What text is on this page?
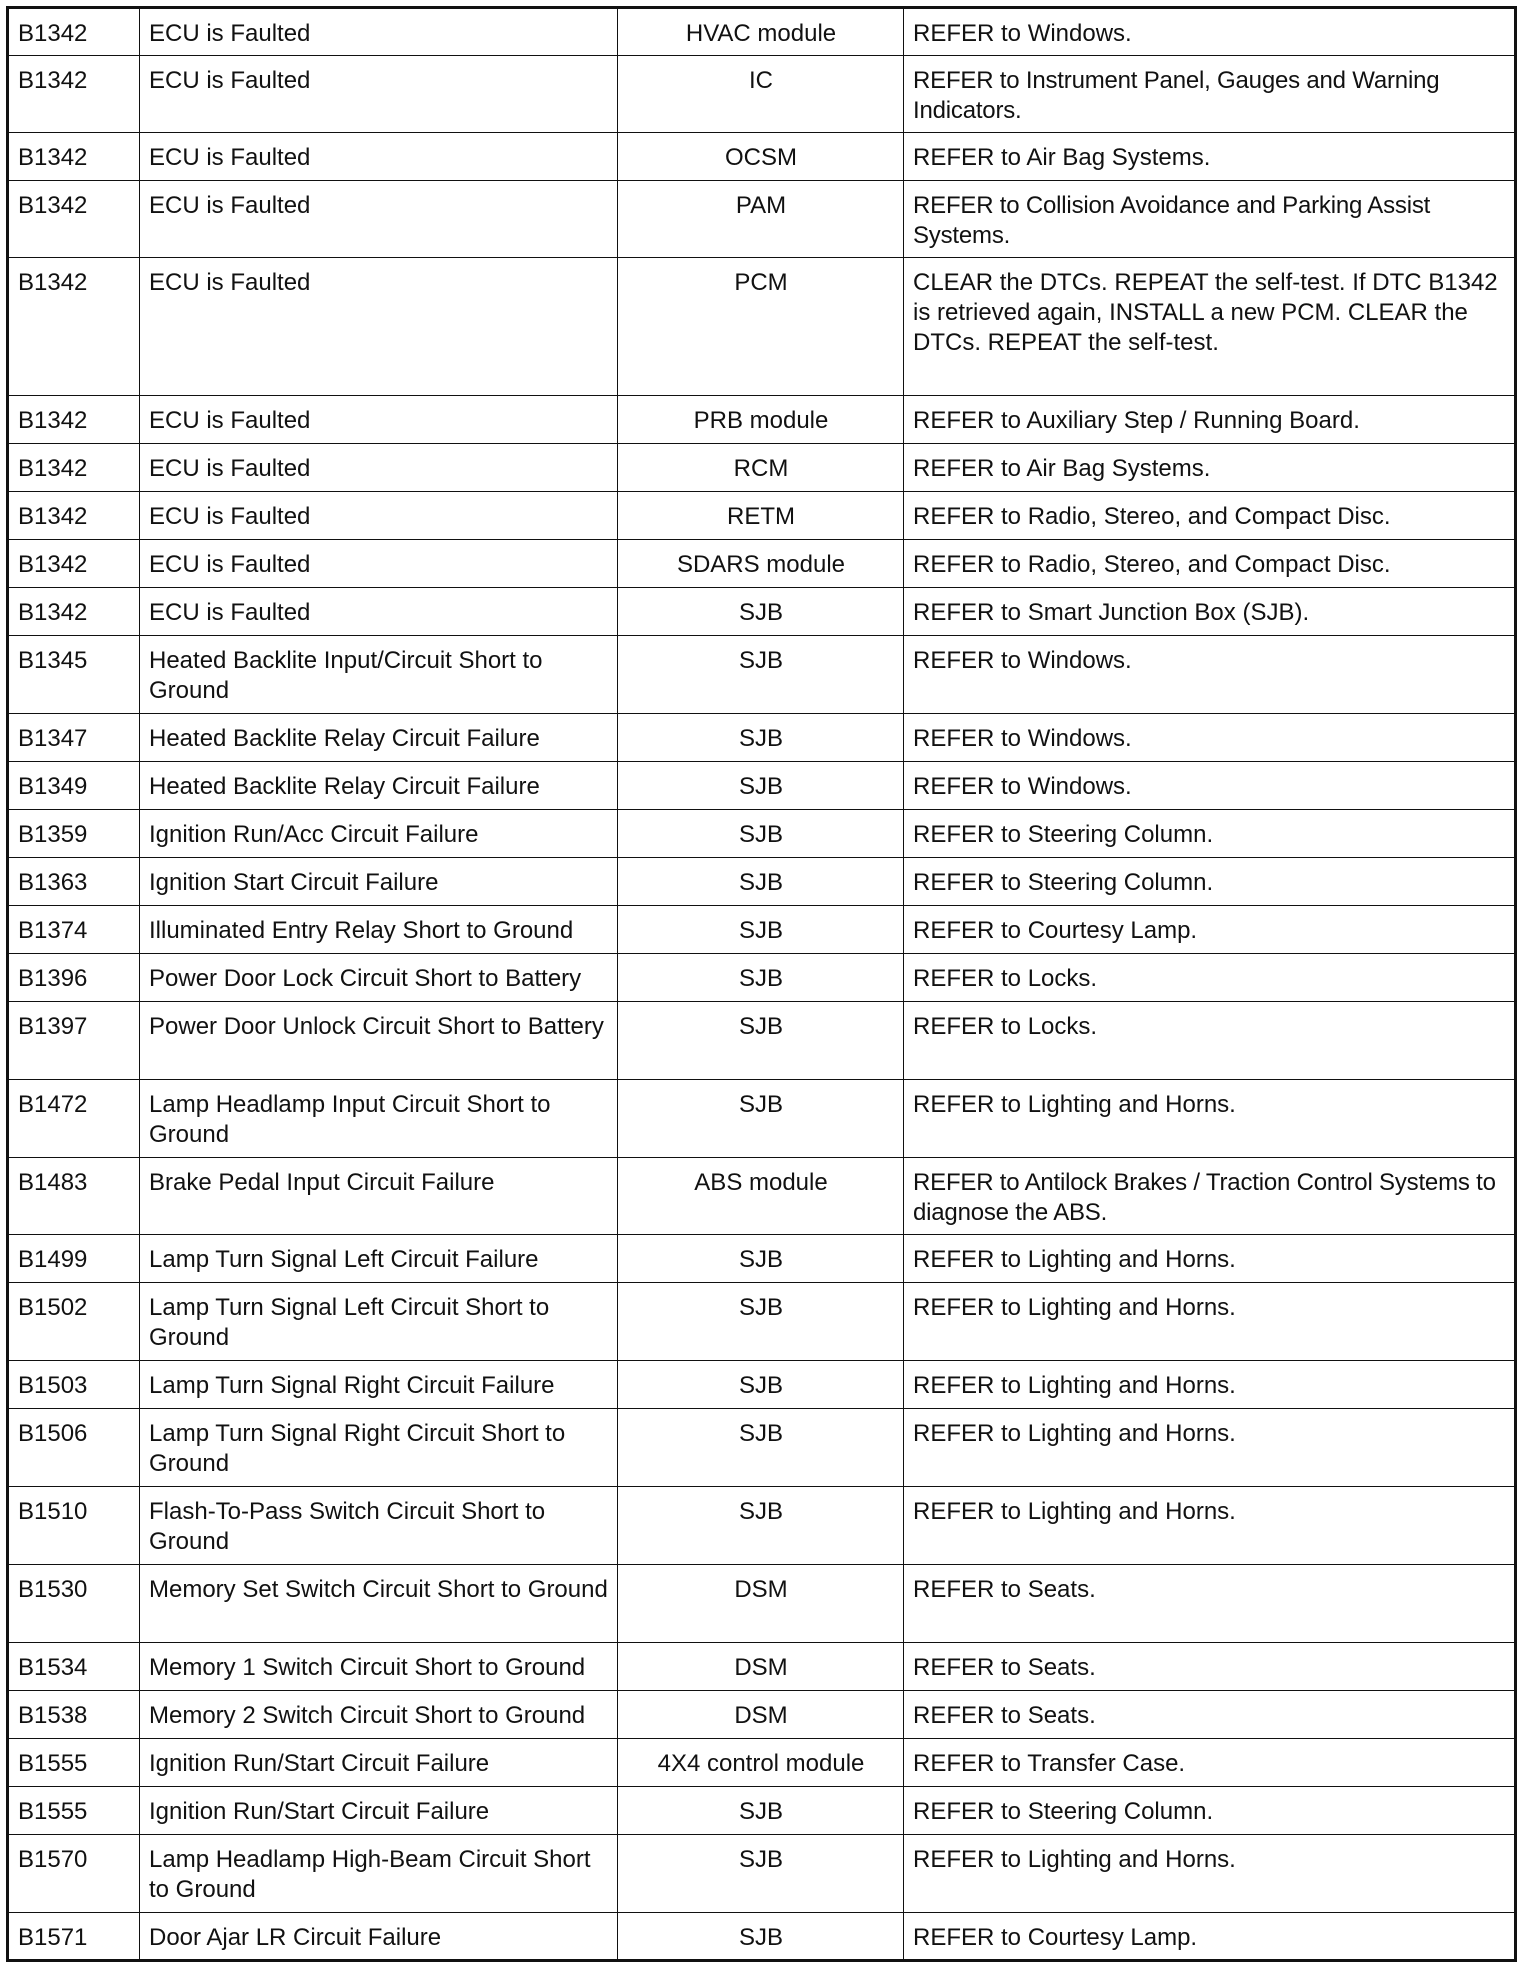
B1342	ECU is Faulted	HVAC module	REFER to Windows.
B1342	ECU is Faulted	IC	REFER to Instrument Panel, Gauges and Warning Indicators.
B1342	ECU is Faulted	OCSM	REFER to Air Bag Systems.
B1342	ECU is Faulted	PAM	REFER to Collision Avoidance and Parking Assist Systems.
B1342	ECU is Faulted	PCM	CLEAR the DTCs. REPEAT the self-test. If DTC B1342 is retrieved again, INSTALL a new PCM. CLEAR the DTCs. REPEAT the self-test.
B1342	ECU is Faulted	PRB module	REFER to Auxiliary Step / Running Board.
B1342	ECU is Faulted	RCM	REFER to Air Bag Systems.
B1342	ECU is Faulted	RETM	REFER to Radio, Stereo, and Compact Disc.
B1342	ECU is Faulted	SDARS module	REFER to Radio, Stereo, and Compact Disc.
B1342	ECU is Faulted	SJB	REFER to Smart Junction Box (SJB).
B1345	Heated Backlite Input/Circuit Short to Ground	SJB	REFER to Windows.
B1347	Heated Backlite Relay Circuit Failure	SJB	REFER to Windows.
B1349	Heated Backlite Relay Circuit Failure	SJB	REFER to Windows.
B1359	Ignition Run/Acc Circuit Failure	SJB	REFER to Steering Column.
B1363	Ignition Start Circuit Failure	SJB	REFER to Steering Column.
B1374	Illuminated Entry Relay Short to Ground	SJB	REFER to Courtesy Lamp.
B1396	Power Door Lock Circuit Short to Battery	SJB	REFER to Locks.
B1397	Power Door Unlock Circuit Short to Battery	SJB	REFER to Locks.
B1472	Lamp Headlamp Input Circuit Short to Ground	SJB	REFER to Lighting and Horns.
B1483	Brake Pedal Input Circuit Failure	ABS module	REFER to Antilock Brakes / Traction Control Systems to diagnose the ABS.
B1499	Lamp Turn Signal Left Circuit Failure	SJB	REFER to Lighting and Horns.
B1502	Lamp Turn Signal Left Circuit Short to Ground	SJB	REFER to Lighting and Horns.
B1503	Lamp Turn Signal Right Circuit Failure	SJB	REFER to Lighting and Horns.
B1506	Lamp Turn Signal Right Circuit Short to Ground	SJB	REFER to Lighting and Horns.
B1510	Flash-To-Pass Switch Circuit Short to Ground	SJB	REFER to Lighting and Horns.
B1530	Memory Set Switch Circuit Short to Ground	DSM	REFER to Seats.
B1534	Memory 1 Switch Circuit Short to Ground	DSM	REFER to Seats.
B1538	Memory 2 Switch Circuit Short to Ground	DSM	REFER to Seats.
B1555	Ignition Run/Start Circuit Failure	4X4 control module	REFER to Transfer Case.
B1555	Ignition Run/Start Circuit Failure	SJB	REFER to Steering Column.
B1570	Lamp Headlamp High-Beam Circuit Short to Ground	SJB	REFER to Lighting and Horns.
B1571	Door Ajar LR Circuit Failure	SJB	REFER to Courtesy Lamp.
